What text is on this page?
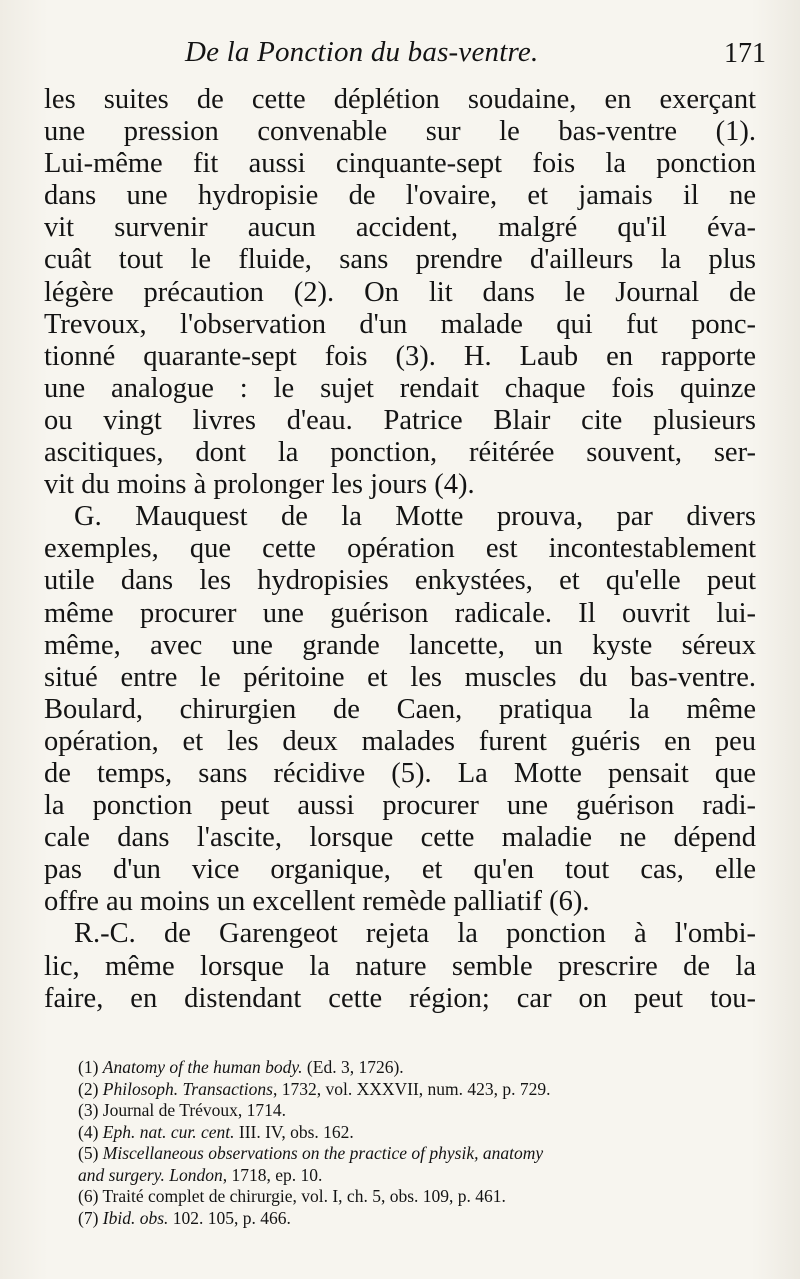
De la Ponction du bas-ventre.	171
les suites de cette déplétion soudaine, en exerçant
une pression convenable sur le bas-ventre (1).
Lui-même fit aussi cinquante-sept fois la ponction
dans une hydropisie de l'ovaire, et jamais il ne
vit survenir aucun accident, malgré qu'il éva-
cuât tout le fluide, sans prendre d'ailleurs la plus
légère précaution (2). On lit dans le Journal de
Trevoux, l'observation d'un malade qui fut ponc-
tionné quarante-sept fois (3). H. Laub en rapporte
une analogue : le sujet rendait chaque fois quinze
ou vingt livres d'eau. Patrice Blair cite plusieurs
ascitiques, dont la ponction, réitérée souvent, ser-
vit du moins à prolonger les jours (4).
G. Mauquest de la Motte prouva, par divers
exemples, que cette opération est incontestablement
utile dans les hydropisies enkystées, et qu'elle peut
même procurer une guérison radicale. Il ouvrit lui-
même, avec une grande lancette, un kyste séreux
situé entre le péritoine et les muscles du bas-ventre.
Boulard, chirurgien de Caen, pratiqua la même
opération, et les deux malades furent guéris en peu
de temps, sans récidive (5). La Motte pensait que
la ponction peut aussi procurer une guérison radi-
cale dans l'ascite, lorsque cette maladie ne dépend
pas d'un vice organique, et qu'en tout cas, elle
offre au moins un excellent remède palliatif (6).
R.-C. de Garengeot rejeta la ponction à l'ombi-
lic, même lorsque la nature semble prescrire de la
faire, en distendant cette région; car on peut tou-
(1) Anatomy of the human body. (Ed. 3, 1726).
(2) Philosoph. Transactions, 1732, vol. XXXVII, num. 423, p. 729.
(3) Journal de Trévoux, 1714.
(4) Eph. nat. cur. cent. III. IV, obs. 162.
(5) Miscellaneous observations on the practice of physik, anatomy
and surgery. London, 1718, ep. 10.
(6) Traité complet de chirurgie, vol. I, ch. 5, obs. 109, p. 461.
(7) Ibid. obs. 102. 105, p. 466.
